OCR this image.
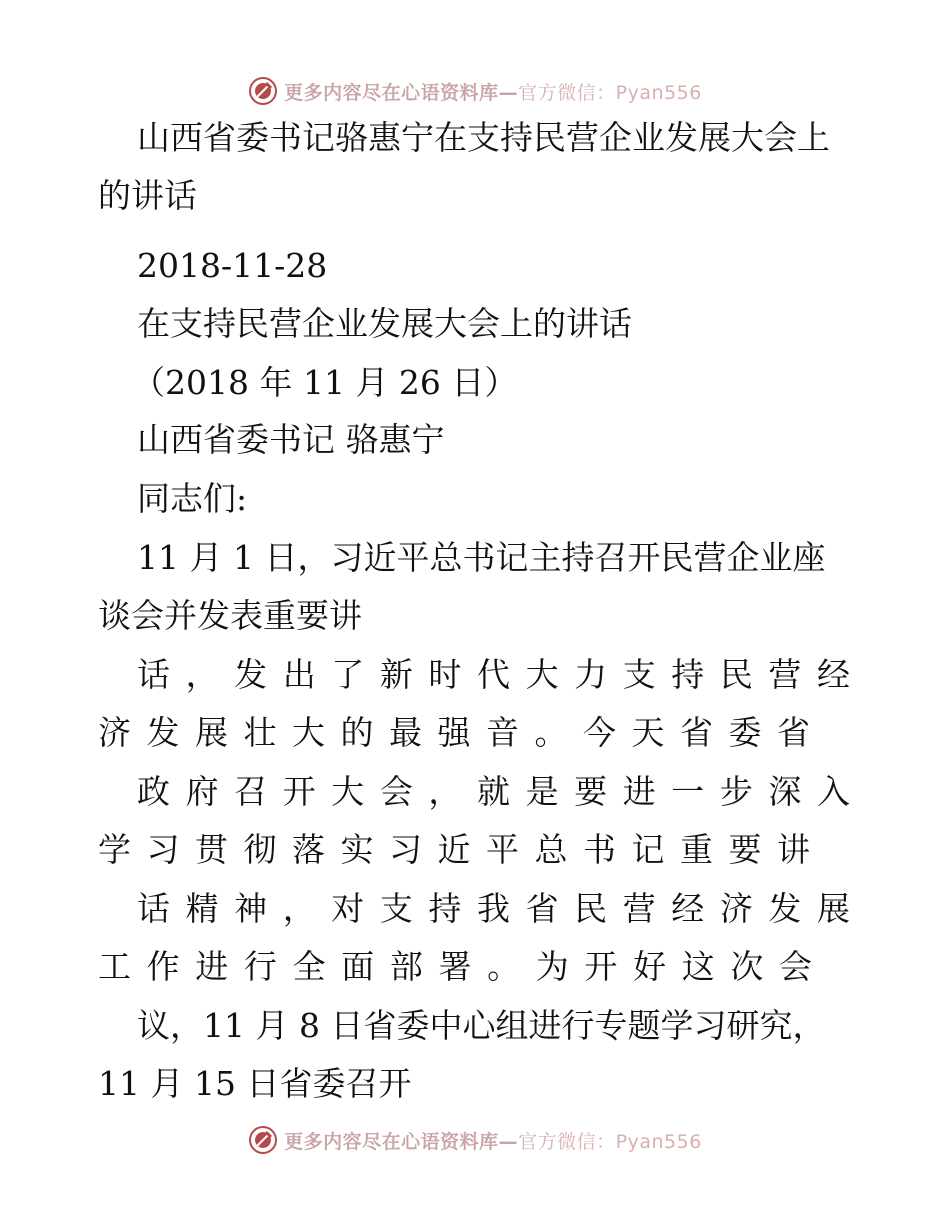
更多内容尽在心语资料库—官方微信：Pyan556
山西省委书记骆惠宁在支持民营企业发展大会上
的讲话
2018-11-28
在支持民营企业发展大会上的讲话
（2018 年 11 月 26 日）
山西省委书记 骆惠宁
同志们:
11 月 1 日，习近平总书记主持召开民营企业座
谈会并发表重要讲
话，发出了新时代大力支持民营经
济发展壮大的最强音。今天省委省
政府召开大会，就是要进一步深入
学习贯彻落实习近平总书记重要讲
话精神，对支持我省民营经济发展
工作进行全面部署。为开好这次会
议，11 月 8 日省委中心组进行专题学习研究，
11 月 15 日省委召开
更多内容尽在心语资料库—官方微信：Pyan556
